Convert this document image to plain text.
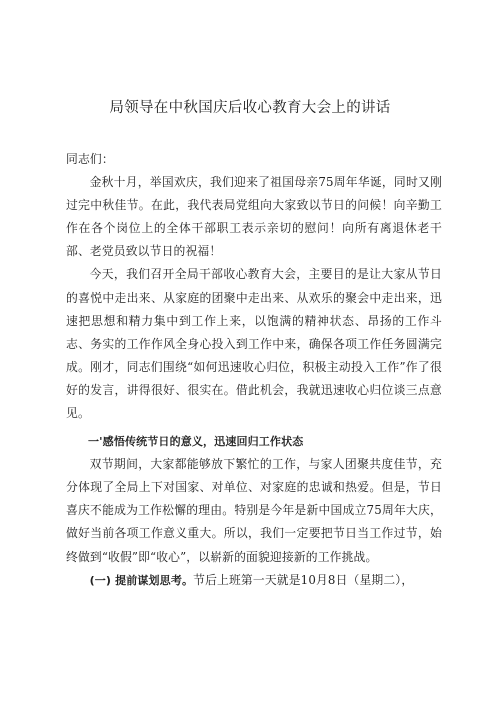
局领导在中秋国庆后收心教育大会上的讲话

同志们：

金秋十月，举国欢庆，我们迎来了祖国母亲75周年华诞，同时又刚过完中秋佳节。在此，我代表局党组向大家致以节日的问候！向辛勤工作在各个岗位上的全体干部职工表示亲切的慰问！向所有离退休老干部、老党员致以节日的祝福！

今天，我们召开全局干部收心教育大会，主要目的是让大家从节日的喜悦中走出来、从家庭的团聚中走出来、从欢乐的聚会中走出来，迅速把思想和精力集中到工作上来，以饱满的精神状态、昂扬的工作斗志、务实的工作作风全身心投入到工作中来，确保各项工作任务圆满完成。刚才，同志们围绕“如何迅速收心归位，积极主动投入工作”作了很好的发言，讲得很好、很实在。借此机会，我就迅速收心归位谈三点意见。

一'感悟传统节日的意义，迅速回归工作状态

双节期间，大家都能够放下繁忙的工作，与家人团聚共度佳节，充分体现了全局上下对国家、对单位、对家庭的忠诚和热爱。但是，节日喜庆不能成为工作松懈的理由。特别是今年是新中国成立75周年大庆，做好当前各项工作意义重大。所以，我们一定要把节日当工作过节，始终做到“收假”即“收心”，以崭新的面貌迎接新的工作挑战。

(一) 提前谋划思考。节后上班第一天就是10月8日（星期二），
